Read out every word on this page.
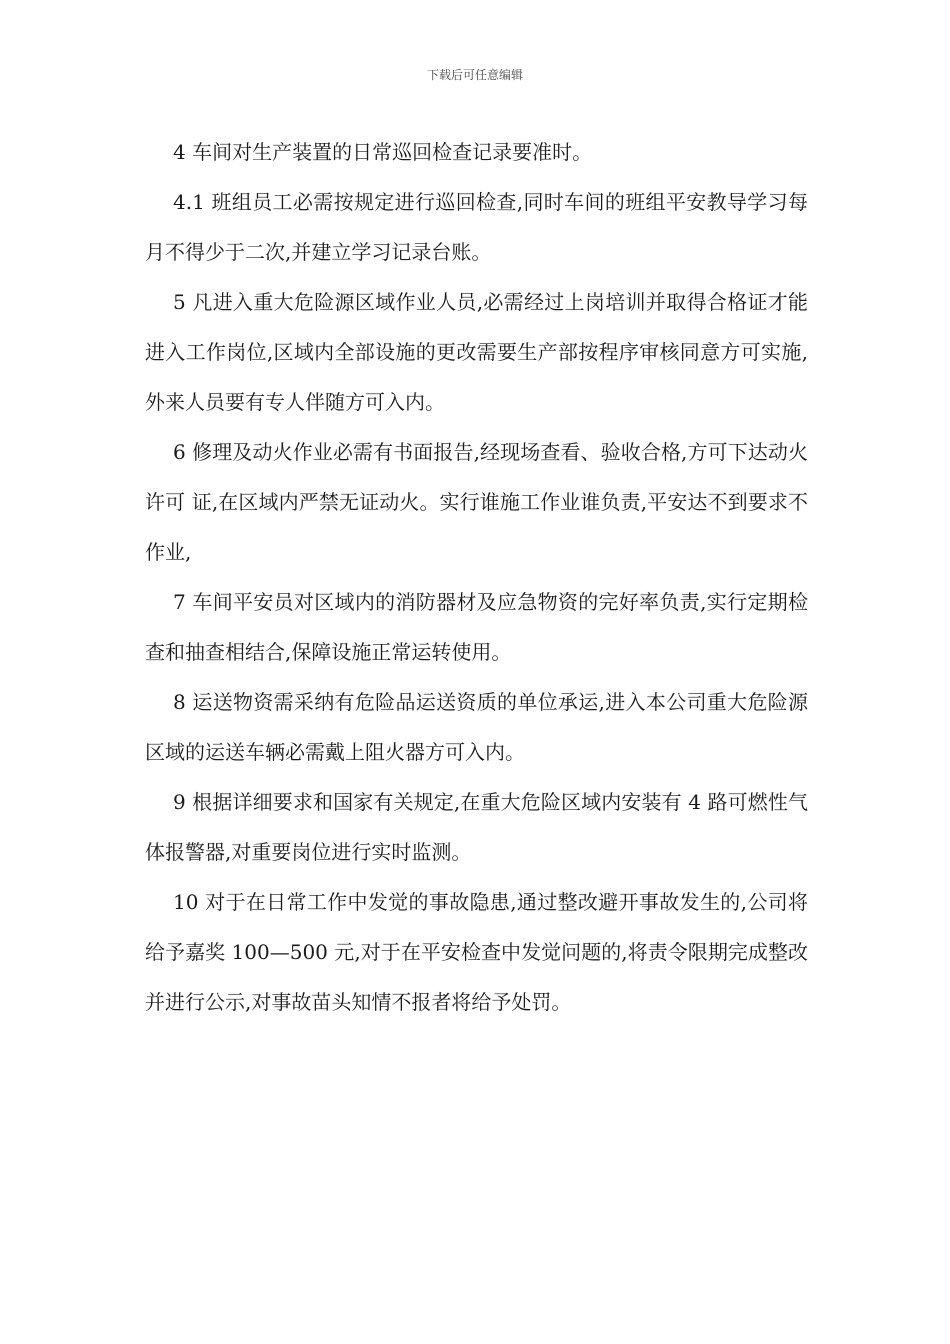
下载后可任意编辑

4 车间对生产装置的日常巡回检查记录要准时。

4.1 班组员工必需按规定进行巡回检查,同时车间的班组平安教导学习每月不得少于二次,并建立学习记录台账。

5 凡进入重大危险源区域作业人员,必需经过上岗培训并取得合格证才能进入工作岗位,区域内全部设施的更改需要生产部按程序审核同意方可实施,外来人员要有专人伴随方可入内。

6 修理及动火作业必需有书面报告,经现场查看、验收合格,方可下达动火许可 证,在区域内严禁无证动火。实行谁施工作业谁负责,平安达不到要求不作业,

7 车间平安员对区域内的消防器材及应急物资的完好率负责,实行定期检查和抽查相结合,保障设施正常运转使用。

8 运送物资需采纳有危险品运送资质的单位承运,进入本公司重大危险源区域的运送车辆必需戴上阻火器方可入内。

9 根据详细要求和国家有关规定,在重大危险区域内安装有 4 路可燃性气体报警器,对重要岗位进行实时监测。

10 对于在日常工作中发觉的事故隐患,通过整改避开事故发生的,公司将给予嘉奖 100—500 元,对于在平安检查中发觉问题的,将责令限期完成整改并进行公示,对事故苗头知情不报者将给予处罚。
